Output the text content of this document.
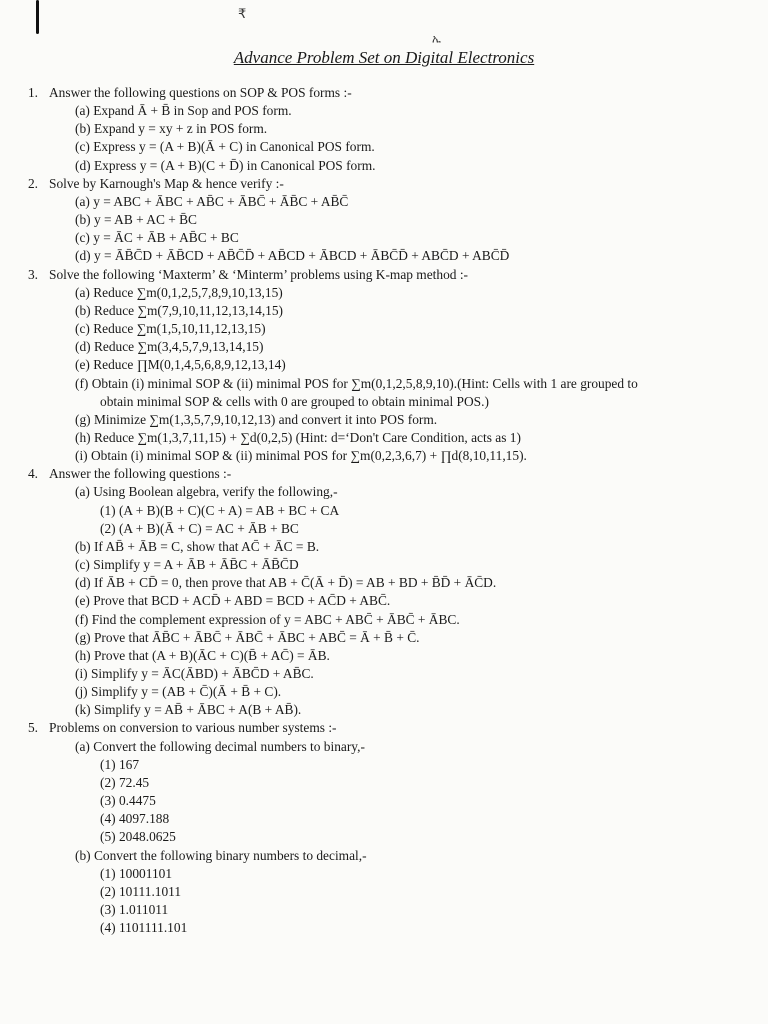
₹
ኢ
Advance Problem Set on Digital Electronics
1. Answer the following questions on SOP & POS forms :-
(a) Expand Ā + B̄ in Sop and POS form.
(b) Expand y = xy + z in POS form.
(c) Express y = (A + B)(Ā + C) in Canonical POS form.
(d) Express y = (A + B)(C + D̄) in Canonical POS form.
2. Solve by Karnough's Map & hence verify :-
(a) y = ABC + ĀBC + AB̄C + ĀBC̄ + ĀB̄C + AB̄C̄
(b) y = AB + AC + B̄C
(c) y = ĀC + ĀB + AB̄C + BC
(d) y = ĀB̄C̄D + ĀB̄CD + AB̄C̄D̄ + AB̄CD + ĀBCD + ĀBC̄D̄ + ABC̄D + ABC̄D̄
3. Solve the following ‘Maxterm’ & ‘Minterm’ problems using K-map method :-
(a) Reduce ∑m(0,1,2,5,7,8,9,10,13,15)
(b) Reduce ∑m(7,9,10,11,12,13,14,15)
(c) Reduce ∑m(1,5,10,11,12,13,15)
(d) Reduce ∑m(3,4,5,7,9,13,14,15)
(e) Reduce ∏M(0,1,4,5,6,8,9,12,13,14)
(f) Obtain (i) minimal SOP & (ii) minimal POS for ∑m(0,1,2,5,8,9,10).(Hint: Cells with 1 are grouped to
obtain minimal SOP & cells with 0 are grouped to obtain minimal POS.)
(g) Minimize ∑m(1,3,5,7,9,10,12,13) and convert it into POS form.
(h) Reduce ∑m(1,3,7,11,15) + ∑d(0,2,5) (Hint: d=‘Don't Care Condition, acts as 1)
(i) Obtain (i) minimal SOP & (ii) minimal POS for ∑m(0,2,3,6,7) + ∏d(8,10,11,15).
4. Answer the following questions :-
(a) Using Boolean algebra, verify the following,-
(1) (A + B)(B + C)(C + A) = AB + BC + CA
(2) (A + B)(Ā + C) = AC + ĀB + BC
(b) If AB̄ + ĀB = C, show that AC̄ + ĀC = B.
(c) Simplify y = A + ĀB + ĀB̄C + ĀB̄C̄D
(d) If ĀB + CD̄ = 0, then prove that AB + C̄(Ā + D̄) = AB + BD + B̄D̄ + ĀC̄D.
(e) Prove that BCD + ACD̄ + ABD = BCD + AC̄D + ABC̄.
(f) Find the complement expression of y = ABC + ABC̄ + ĀBC̄ + ĀBC.
(g) Prove that ĀB̄C + ĀBC̄ + ĀBC̄ + ĀBC + ABC̄ = Ā + B̄ + C̄.
(h) Prove that (A + B)(ĀC + C)(B̄ + AC̄) = ĀB.
(i) Simplify y = ĀC(ĀBD) + ĀBC̄D + AB̄C.
(j) Simplify y = (AB + C̄)(Ā + B̄ + C).
(k) Simplify y = AB̄ + ĀBC + A(B + AB̄).
5. Problems on conversion to various number systems :-
(a) Convert the following decimal numbers to binary,-
(1) 167
(2) 72.45
(3) 0.4475
(4) 4097.188
(5) 2048.0625
(b) Convert the following binary numbers to decimal,-
(1) 10001101
(2) 10111.1011
(3) 1.011011
(4) 1101111.101
